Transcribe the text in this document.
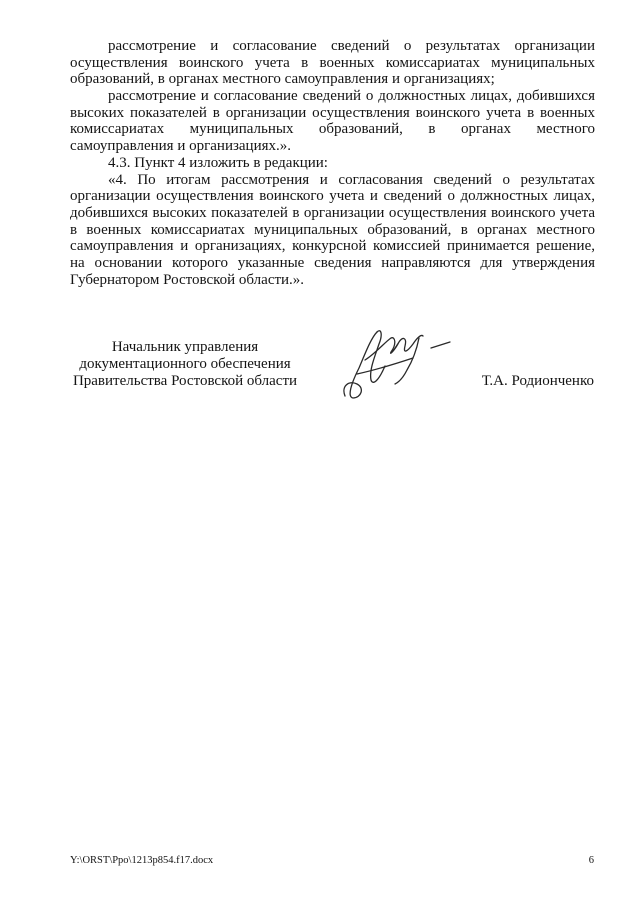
рассмотрение и согласование сведений о результатах организации
осуществления воинского учета в военных комиссариатах муниципальных
образований, в органах местного самоуправления и организациях;
рассмотрение и согласование сведений о должностных лицах, добившихся
высоких показателей в организации осуществления воинского учета в военных
комиссариатах муниципальных образований, в органах местного
самоуправления и организациях.».
4.3. Пункт 4 изложить в редакции:
«4. По итогам рассмотрения и согласования сведений о результатах
организации осуществления воинского учета и сведений о должностных лицах,
добившихся высоких показателей в организации осуществления воинского учета
в военных комиссариатах муниципальных образований, в органах местного
самоуправления и организациях, конкурсной комиссией принимается решение,
на основании которого указанные сведения направляются для утверждения
Губернатором Ростовской области.».
Начальник управления
документационного обеспечения
Правительства Ростовской области	Т.А. Родионченко
Y:\ORST\Ppo\1213p854.f17.docx	6
